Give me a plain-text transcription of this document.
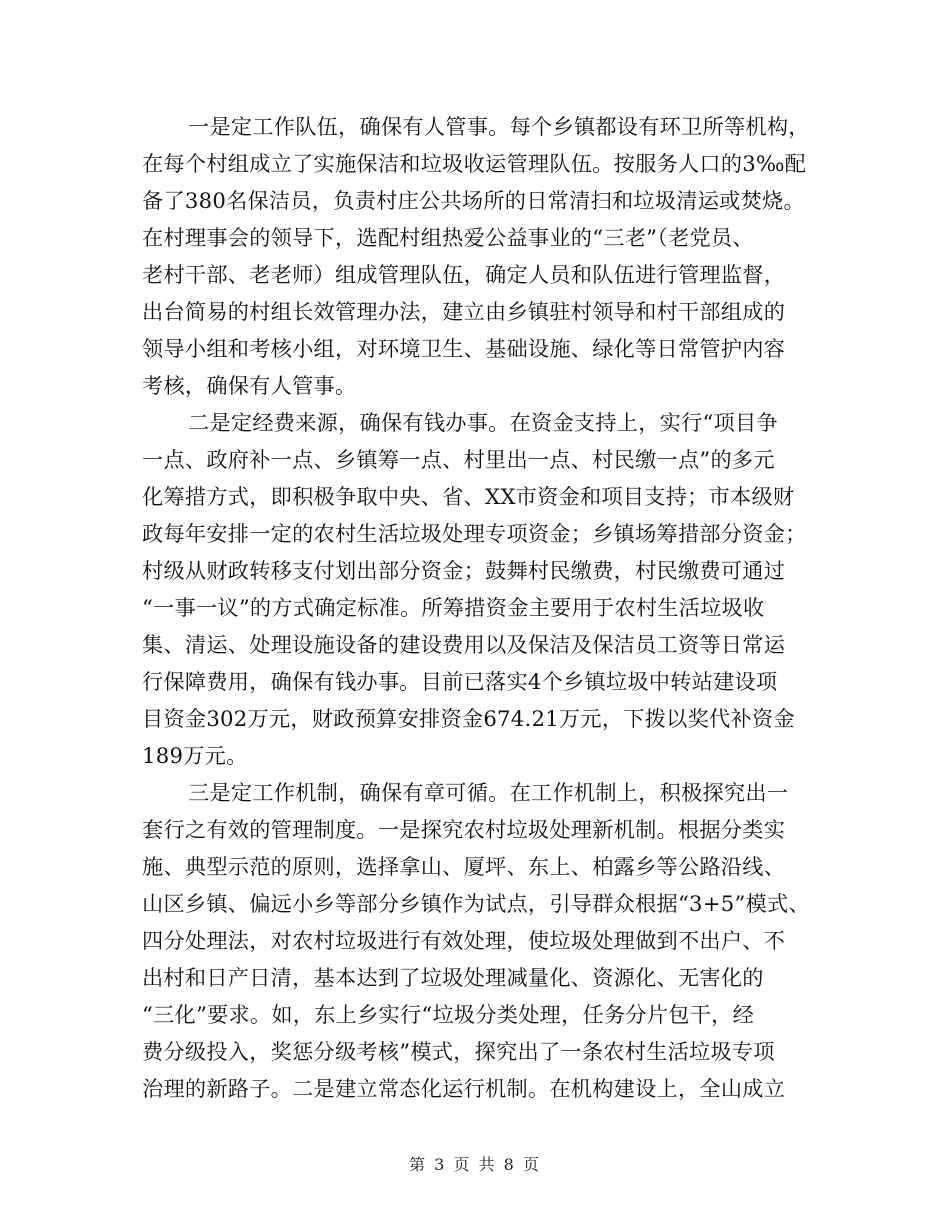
一是定工作队伍，确保有人管事。每个乡镇都设有环卫所等机构，
在每个村组成立了实施保洁和垃圾收运管理队伍。按服务人口的3‰配
备了380名保洁员，负责村庄公共场所的日常清扫和垃圾清运或焚烧。
在村理事会的领导下，选配村组热爱公益事业的“三老”（老党员、
老村干部、老老师）组成管理队伍，确定人员和队伍进行管理监督，
出台简易的村组长效管理办法，建立由乡镇驻村领导和村干部组成的
领导小组和考核小组，对环境卫生、基础设施、绿化等日常管护内容
考核，确保有人管事。
二是定经费来源，确保有钱办事。在资金支持上，实行“项目争
一点、政府补一点、乡镇筹一点、村里出一点、村民缴一点”的多元
化筹措方式，即积极争取中央、省、XX市资金和项目支持；市本级财
政每年安排一定的农村生活垃圾处理专项资金；乡镇场筹措部分资金；
村级从财政转移支付划出部分资金；鼓舞村民缴费，村民缴费可通过
“一事一议”的方式确定标准。所筹措资金主要用于农村生活垃圾收
集、清运、处理设施设备的建设费用以及保洁及保洁员工资等日常运
行保障费用，确保有钱办事。目前已落实4个乡镇垃圾中转站建设项
目资金302万元，财政预算安排资金674.21万元，下拨以奖代补资金
189万元。
三是定工作机制，确保有章可循。在工作机制上，积极探究出一
套行之有效的管理制度。一是探究农村垃圾处理新机制。根据分类实
施、典型示范的原则，选择拿山、厦坪、东上、柏露乡等公路沿线、
山区乡镇、偏远小乡等部分乡镇作为试点，引导群众根据“3+5”模式、
四分处理法，对农村垃圾进行有效处理，使垃圾处理做到不出户、不
出村和日产日清，基本达到了垃圾处理减量化、资源化、无害化的
“三化”要求。如，东上乡实行“垃圾分类处理，任务分片包干，经
费分级投入，奖惩分级考核”模式，探究出了一条农村生活垃圾专项
治理的新路子。二是建立常态化运行机制。在机构建设上，全山成立
第 3 页 共 8 页
